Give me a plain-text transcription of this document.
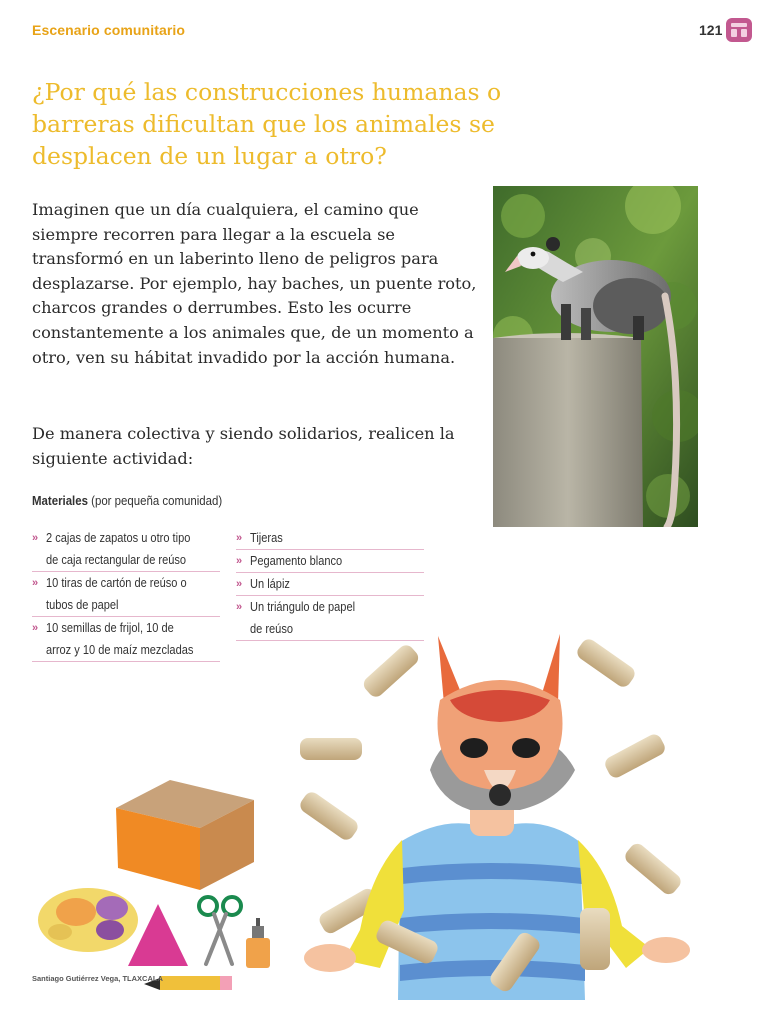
Escenario comunitario	121
¿Por qué las construcciones humanas o barreras dificultan que los animales se desplacen de un lugar a otro?

Imaginen que un día cualquiera, el camino que siempre recorren para llegar a la escuela se transformó en un laberinto lleno de peligros para desplazarse. Por ejemplo, hay baches, un puente roto, charcos grandes o derrumbes. Esto les ocurre constantemente a los animales que, de un momento a otro, ven su hábitat invadido por la acción humana.

De manera colectiva y siendo solidarios, realicen la siguiente actividad:

Materiales (por pequeña comunidad)
» 2 cajas de zapatos u otro tipo
de caja rectangular de reúso
» 10 tiras de cartón de reúso o
tubos de papel
» 10 semillas de frijol, 10 de
arroz y 10 de maíz mezcladas
» Tijeras
» Pegamento blanco
» Un lápiz
» Un triángulo de papel
de reúso
Santiago Gutiérrez Vega, TLAXCALA
